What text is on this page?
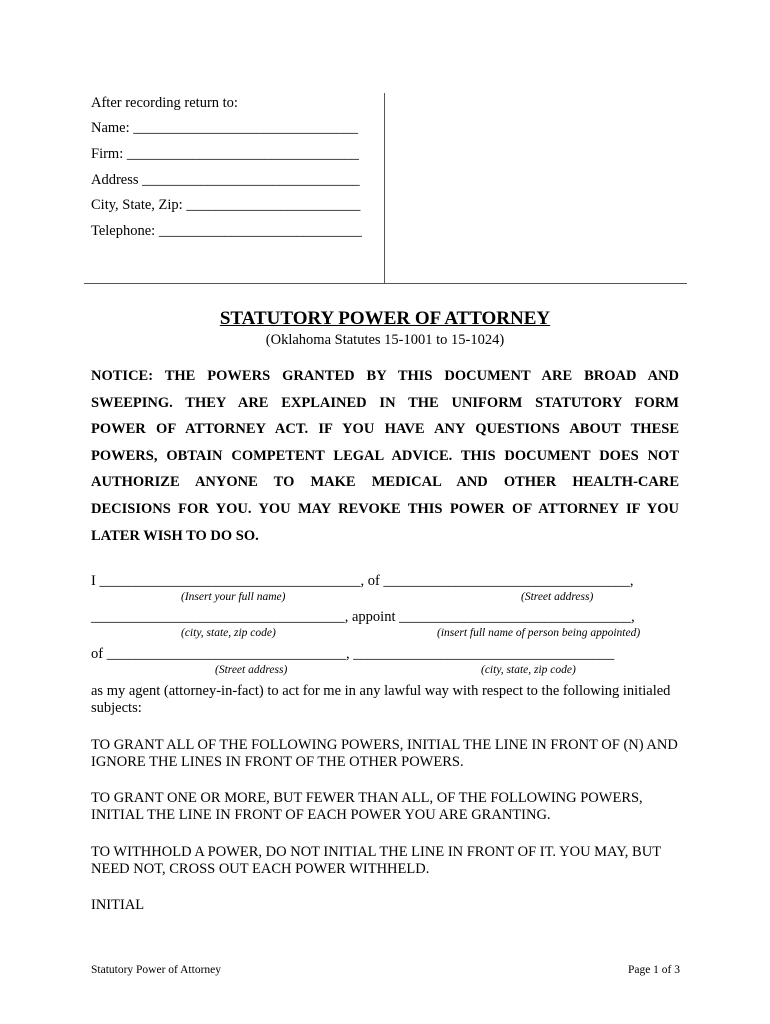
After recording return to:
Name: _______________________________
Firm: ________________________________
Address ______________________________
City, State, Zip: ________________________
Telephone: ____________________________
STATUTORY POWER OF ATTORNEY
(Oklahoma Statutes 15-1001 to 15-1024)
NOTICE: THE POWERS GRANTED BY THIS DOCUMENT ARE BROAD AND
SWEEPING. THEY ARE EXPLAINED IN THE UNIFORM STATUTORY FORM
POWER OF ATTORNEY ACT. IF YOU HAVE ANY QUESTIONS ABOUT THESE
POWERS, OBTAIN COMPETENT LEGAL ADVICE. THIS DOCUMENT DOES NOT
AUTHORIZE ANYONE TO MAKE MEDICAL AND OTHER HEALTH-CARE
DECISIONS FOR YOU. YOU MAY REVOKE THIS POWER OF ATTORNEY IF YOU
LATER WISH TO DO SO.
I ____________________________________, of __________________________________,
(Insert your full name)	(Street address)
___________________________________, appoint ________________________________,
(city, state, zip code)	(insert full name of person being appointed)
of _________________________________, ____________________________________
(Street address)	(city, state, zip code)
as my agent (attorney-in-fact) to act for me in any lawful way with respect to the following initialed subjects:
TO GRANT ALL OF THE FOLLOWING POWERS, INITIAL THE LINE IN FRONT OF (N) AND IGNORE THE LINES IN FRONT OF THE OTHER POWERS.
TO GRANT ONE OR MORE, BUT FEWER THAN ALL, OF THE FOLLOWING POWERS, INITIAL THE LINE IN FRONT OF EACH POWER YOU ARE GRANTING.
TO WITHHOLD A POWER, DO NOT INITIAL THE LINE IN FRONT OF IT. YOU MAY, BUT NEED NOT, CROSS OUT EACH POWER WITHHELD.
INITIAL
Statutory Power of Attorney	Page 1 of 3
